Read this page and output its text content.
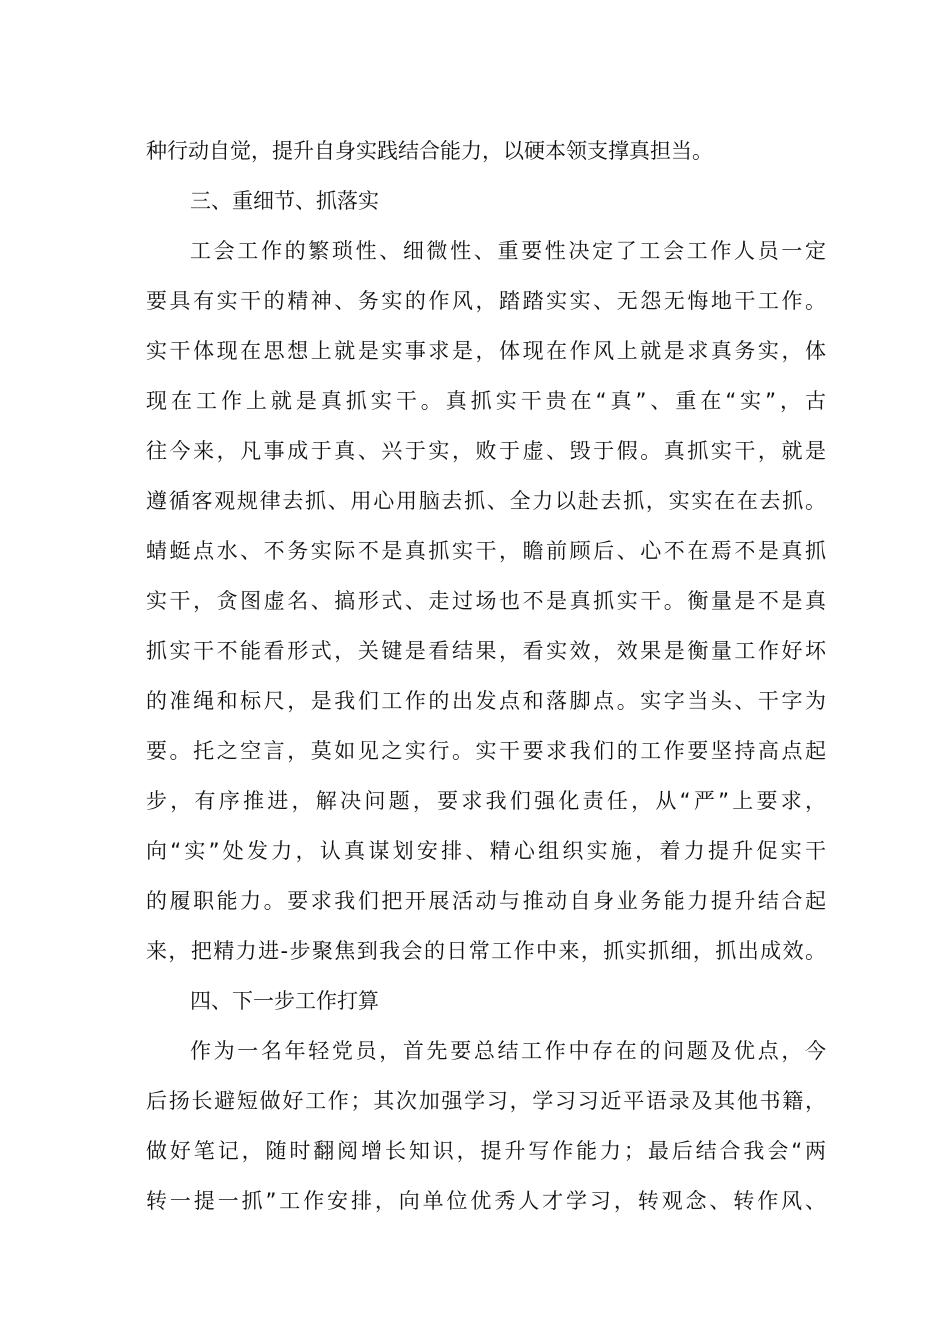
种行动自觉，提升自身实践结合能力，以硬本领支撑真担当。
三、重细节、抓落实
工会工作的繁琐性、细微性、重要性决定了工会工作人员一定
要具有实干的精神、务实的作风，踏踏实实、无怨无悔地干工作。
实干体现在思想上就是实事求是，体现在作风上就是求真务实，体
现在工作上就是真抓实干。真抓实干贵在“真”、重在“实”，古
往今来，凡事成于真、兴于实，败于虚、毁于假。真抓实干，就是
遵循客观规律去抓、用心用脑去抓、全力以赴去抓，实实在在去抓。
蜻蜓点水、不务实际不是真抓实干，瞻前顾后、心不在焉不是真抓
实干，贪图虚名、搞形式、走过场也不是真抓实干。衡量是不是真
抓实干不能看形式，关键是看结果，看实效，效果是衡量工作好坏
的准绳和标尺，是我们工作的出发点和落脚点。实字当头、干字为
要。托之空言，莫如见之实行。实干要求我们的工作要坚持高点起
步，有序推进，解决问题，要求我们强化责任，从“严”上要求，
向“实”处发力，认真谋划安排、精心组织实施，着力提升促实干
的履职能力。要求我们把开展活动与推动自身业务能力提升结合起
来，把精力进-步聚焦到我会的日常工作中来，抓实抓细，抓出成效。
四、下一步工作打算
作为一名年轻党员，首先要总结工作中存在的问题及优点，今
后扬长避短做好工作；其次加强学习，学习习近平语录及其他书籍，
做好笔记，随时翻阅增长知识，提升写作能力；最后结合我会“两
转一提一抓”工作安排，向单位优秀人才学习，转观念、转作风、
